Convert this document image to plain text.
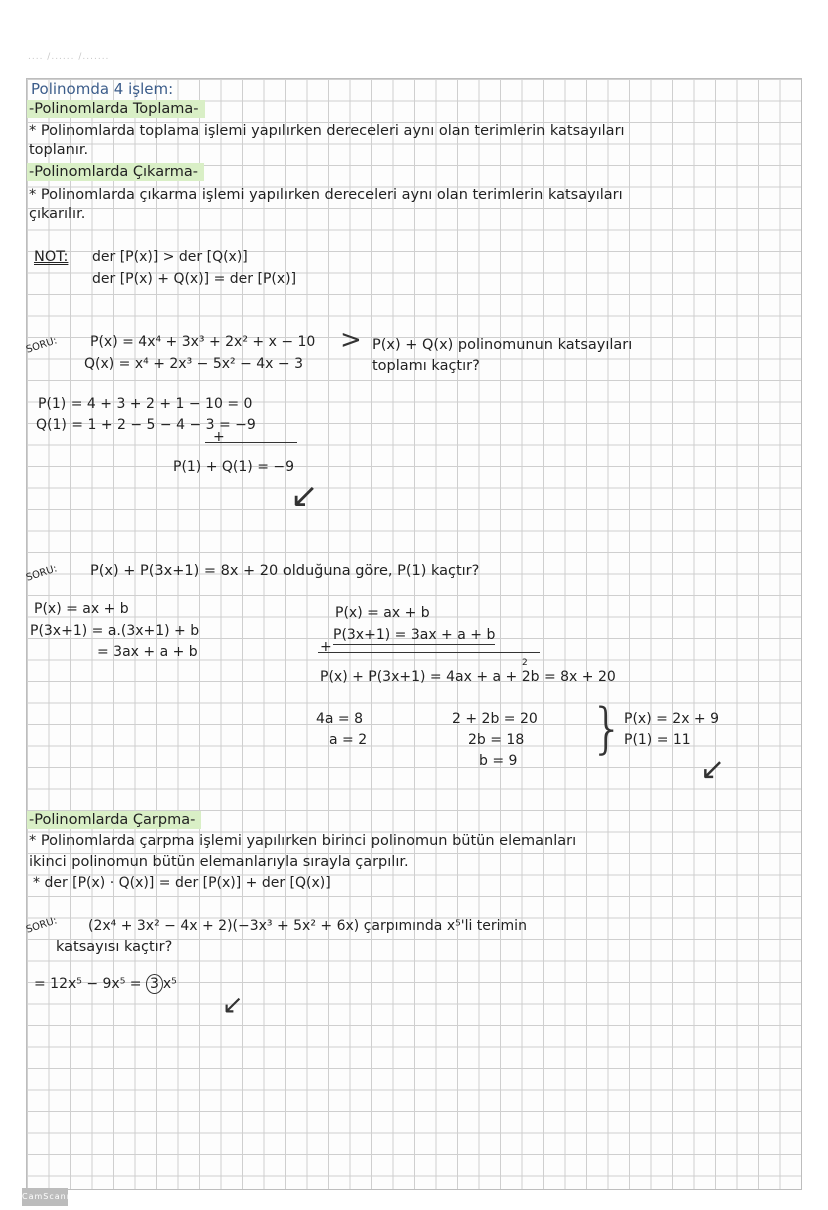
.... /...... /.......
Polinomda 4 işlem:
-Polinomlarda Toplama-
* Polinomlarda toplama işlemi yapılırken dereceleri aynı olan terimlerin katsayıları
toplanır.
-Polinomlarda Çıkarma-
* Polinomlarda çıkarma işlemi yapılırken dereceleri aynı olan terimlerin katsayıları
çıkarılır.
NOT: der [P(x)] > der [Q(x)]
der [P(x) + Q(x)] = der [P(x)]
SORU: P(x) = 4x⁴ + 3x³ + 2x² + x − 10
Q(x) = x⁴ + 2x³ − 5x² − 4x − 3
> P(x) + Q(x) polinomunun katsayıları
toplamı kaçtır?
P(1) = 4 + 3 + 2 + 1 − 10 = 0
Q(1) = 1 + 2 − 5 − 4 − 3 = −9
+
P(1) + Q(1) = −9
↙
SORU: P(x) + P(3x+1) = 8x + 20 olduğuna göre, P(1) kaçtır?
P(x) = ax + b
P(3x+1) = a.(3x+1) + b
= 3ax + a + b
P(x) = ax + b
P(3x+1) = 3ax + a + b
+
P(x) + P(3x+1) = 4ax + a + 2b = 8x + 20
2
4a = 8
a = 2
2 + 2b = 20
2b = 18
b = 9
} P(x) = 2x + 9
P(1) = 11
↙
-Polinomlarda Çarpma-
* Polinomlarda çarpma işlemi yapılırken birinci polinomun bütün elemanları
ikinci polinomun bütün elemanlarıyla sırayla çarpılır.
* der [P(x) · Q(x)] = der [P(x)] + der [Q(x)]
SORU: (2x⁴ + 3x² − 4x + 2)(−3x³ + 5x² + 6x) çarpımında x⁵'li terimin
katsayısı kaçtır?
= 12x⁵ − 9x⁵ = 3 x⁵
↙
CamScanner
